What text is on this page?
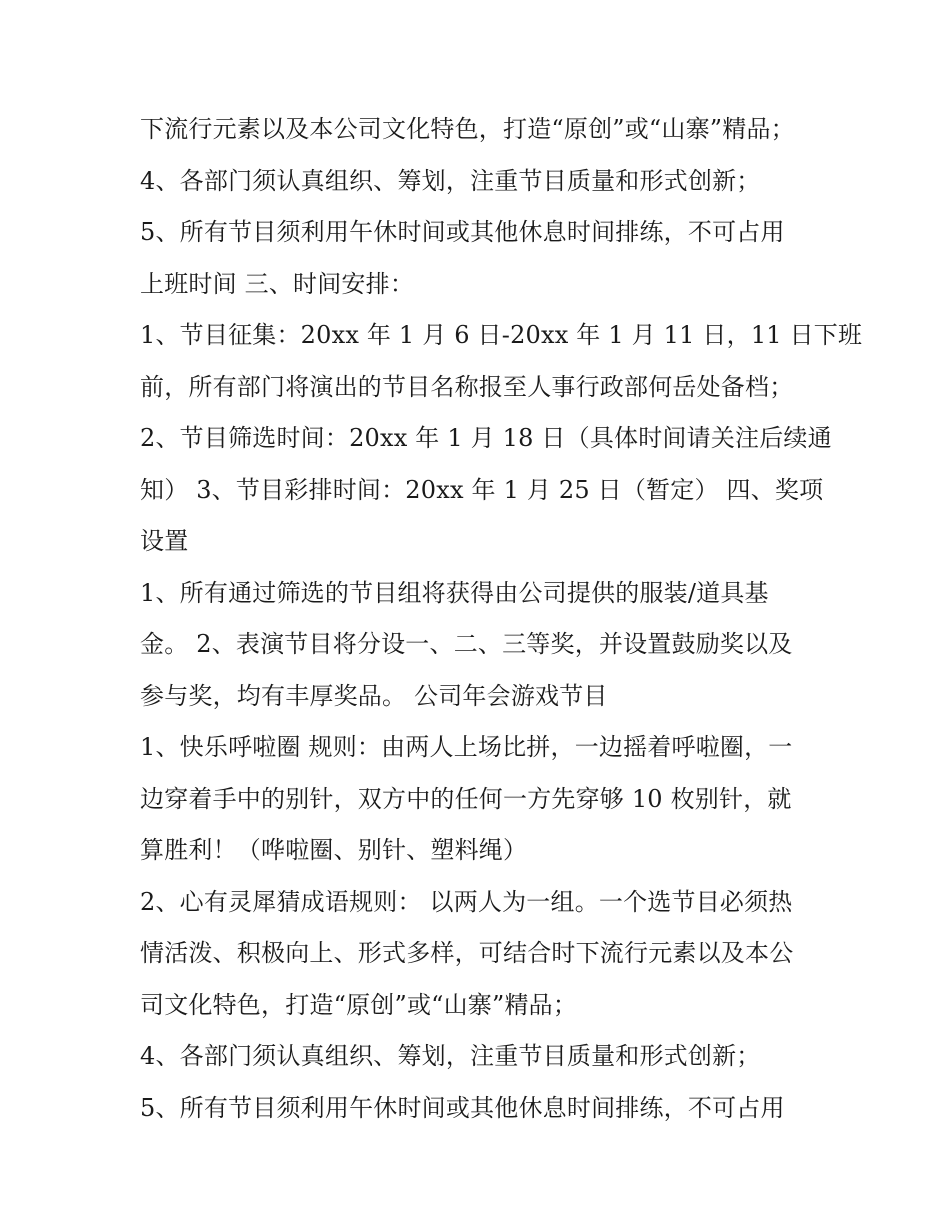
下流行元素以及本公司文化特色，打造“原创”或“山寨”精品；
4、各部门须认真组织、筹划，注重节目质量和形式创新；
5、所有节目须利用午休时间或其他休息时间排练，不可占用
上班时间 三、时间安排：
1、节目征集：20xx 年 1 月 6 日-20xx 年 1 月 11 日，11 日下班
前，所有部门将演出的节目名称报至人事行政部何岳处备档；
2、节目筛选时间：20xx 年 1 月 18 日（具体时间请关注后续通
知） 3、节目彩排时间：20xx 年 1 月 25 日（暂定） 四、奖项
设置
1、所有通过筛选的节目组将获得由公司提供的服装/道具基
金。 2、表演节目将分设一、二、三等奖，并设置鼓励奖以及
参与奖，均有丰厚奖品。 公司年会游戏节目
1、快乐呼啦圈 规则：由两人上场比拼，一边摇着呼啦圈，一
边穿着手中的别针，双方中的任何一方先穿够 10 枚别针，就
算胜利！（哗啦圈、别针、塑料绳）
2、心有灵犀猜成语规则： 以两人为一组。一个选节目必须热
情活泼、积极向上、形式多样，可结合时下流行元素以及本公
司文化特色，打造“原创”或“山寨”精品；
4、各部门须认真组织、筹划，注重节目质量和形式创新；
5、所有节目须利用午休时间或其他休息时间排练，不可占用
